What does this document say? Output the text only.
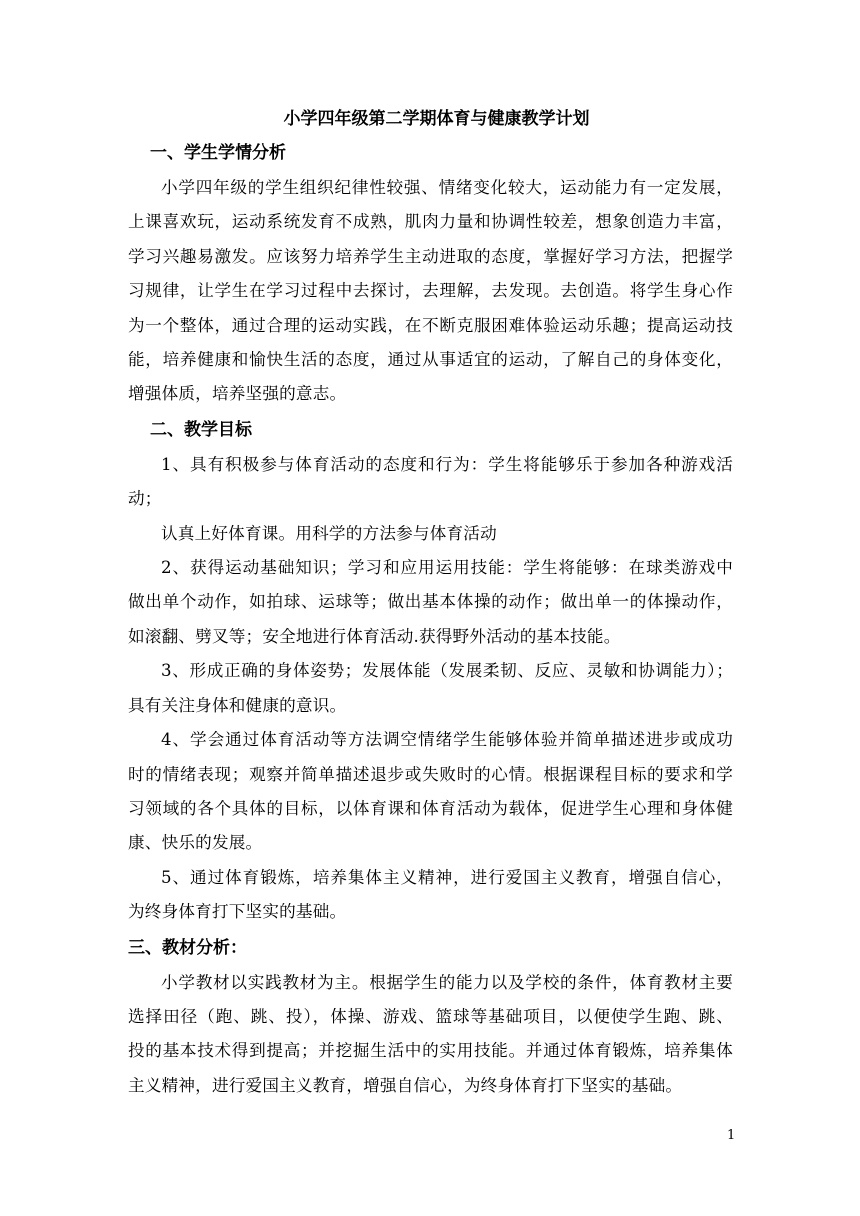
小学四年级第二学期体育与健康教学计划
一、学生学情分析
小学四年级的学生组织纪律性较强、情绪变化较大，运动能力有一定发展，
上课喜欢玩，运动系统发育不成熟，肌肉力量和协调性较差，想象创造力丰富，
学习兴趣易激发。应该努力培养学生主动进取的态度，掌握好学习方法，把握学
习规律，让学生在学习过程中去探讨，去理解，去发现。去创造。将学生身心作
为一个整体，通过合理的运动实践，在不断克服困难体验运动乐趣；提高运动技
能，培养健康和愉快生活的态度，通过从事适宜的运动，了解自己的身体变化，
增强体质，培养坚强的意志。
二、教学目标
1、具有积极参与体育活动的态度和行为：学生将能够乐于参加各种游戏活
动；
认真上好体育课。用科学的方法参与体育活动
2、获得运动基础知识；学习和应用运用技能：学生将能够：在球类游戏中
做出单个动作，如拍球、运球等；做出基本体操的动作；做出单一的体操动作，
如滚翻、劈叉等；安全地进行体育活动.获得野外活动的基本技能。
3、形成正确的身体姿势；发展体能（发展柔韧、反应、灵敏和协调能力）；
具有关注身体和健康的意识。
4、学会通过体育活动等方法调空情绪学生能够体验并简单描述进步或成功
时的情绪表现；观察并简单描述退步或失败时的心情。根据课程目标的要求和学
习领域的各个具体的目标，以体育课和体育活动为载体，促进学生心理和身体健
康、快乐的发展。
5、通过体育锻炼，培养集体主义精神，进行爱国主义教育，增强自信心，
为终身体育打下坚实的基础。
三、教材分析：
小学教材以实践教材为主。根据学生的能力以及学校的条件，体育教材主要
选择田径（跑、跳、投），体操、游戏、篮球等基础项目，以便使学生跑、跳、
投的基本技术得到提高；并挖掘生活中的实用技能。并通过体育锻炼，培养集体
主义精神，进行爱国主义教育，增强自信心，为终身体育打下坚实的基础。
1
